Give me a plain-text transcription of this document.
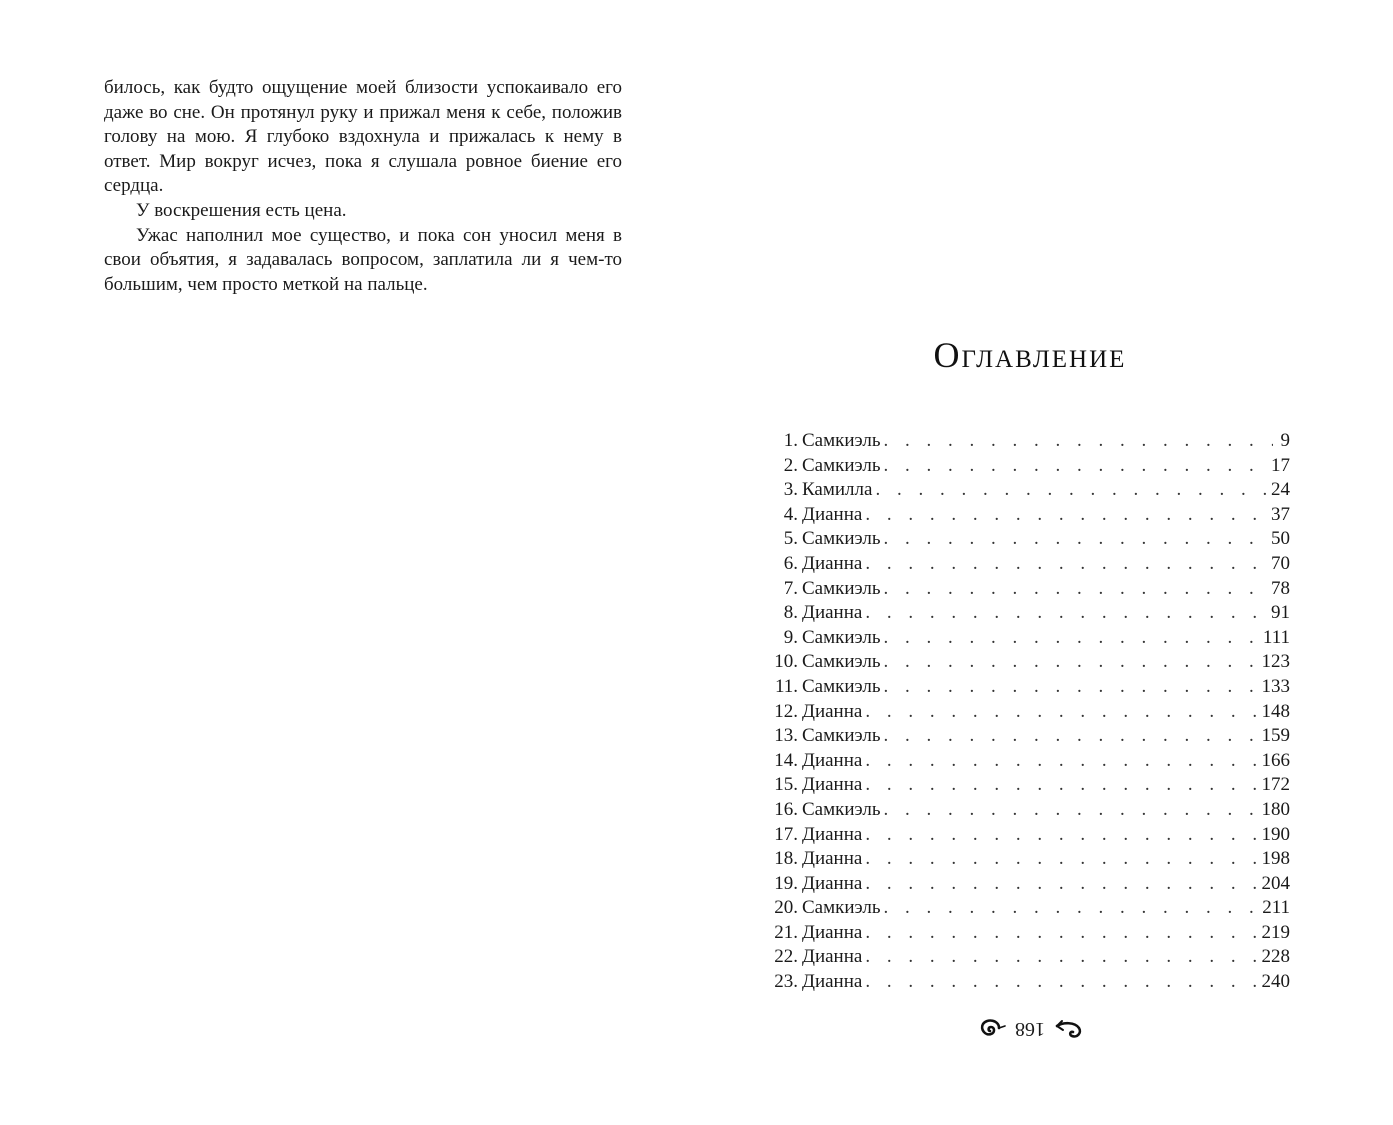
билось, как будто ощущение моей близости успокаивало его даже во сне. Он протянул руку и прижал меня к себе, положив голову на мою. Я глубоко вздохнула и прижалась к нему в ответ. Мир вокруг исчез, пока я слушала ровное биение его сердца.

У воскрешения есть цена.

Ужас наполнил мое существо, и пока сон уносил меня в свои объятия, я задавалась вопросом, заплатила ли я чем-то большим, чем просто меткой на пальце.

Оглавление
1. Самкиэль . . .	9
2. Самкиэль . . .	17
3. Камилла . . .	24
4. Дианна . . .	37
5. Самкиэль . . .	50
6. Дианна . . .	70
7. Самкиэль . . .	78
8. Дианна . . .	91
9. Самкиэль . . .	111
10. Самкиэль . . .	123
11. Самкиэль . . .	133
12. Дианна . . .	148
13. Самкиэль . . .	159
14. Дианна . . .	166
15. Дианна . . .	172
16. Самкиэль . . .	180
17. Дианна . . .	190
18. Дианна . . .	198
19. Дианна . . .	204
20. Самкиэль . . .	211
21. Дианна . . .	219
22. Дианна . . .	228
23. Дианна . . .	240
168
